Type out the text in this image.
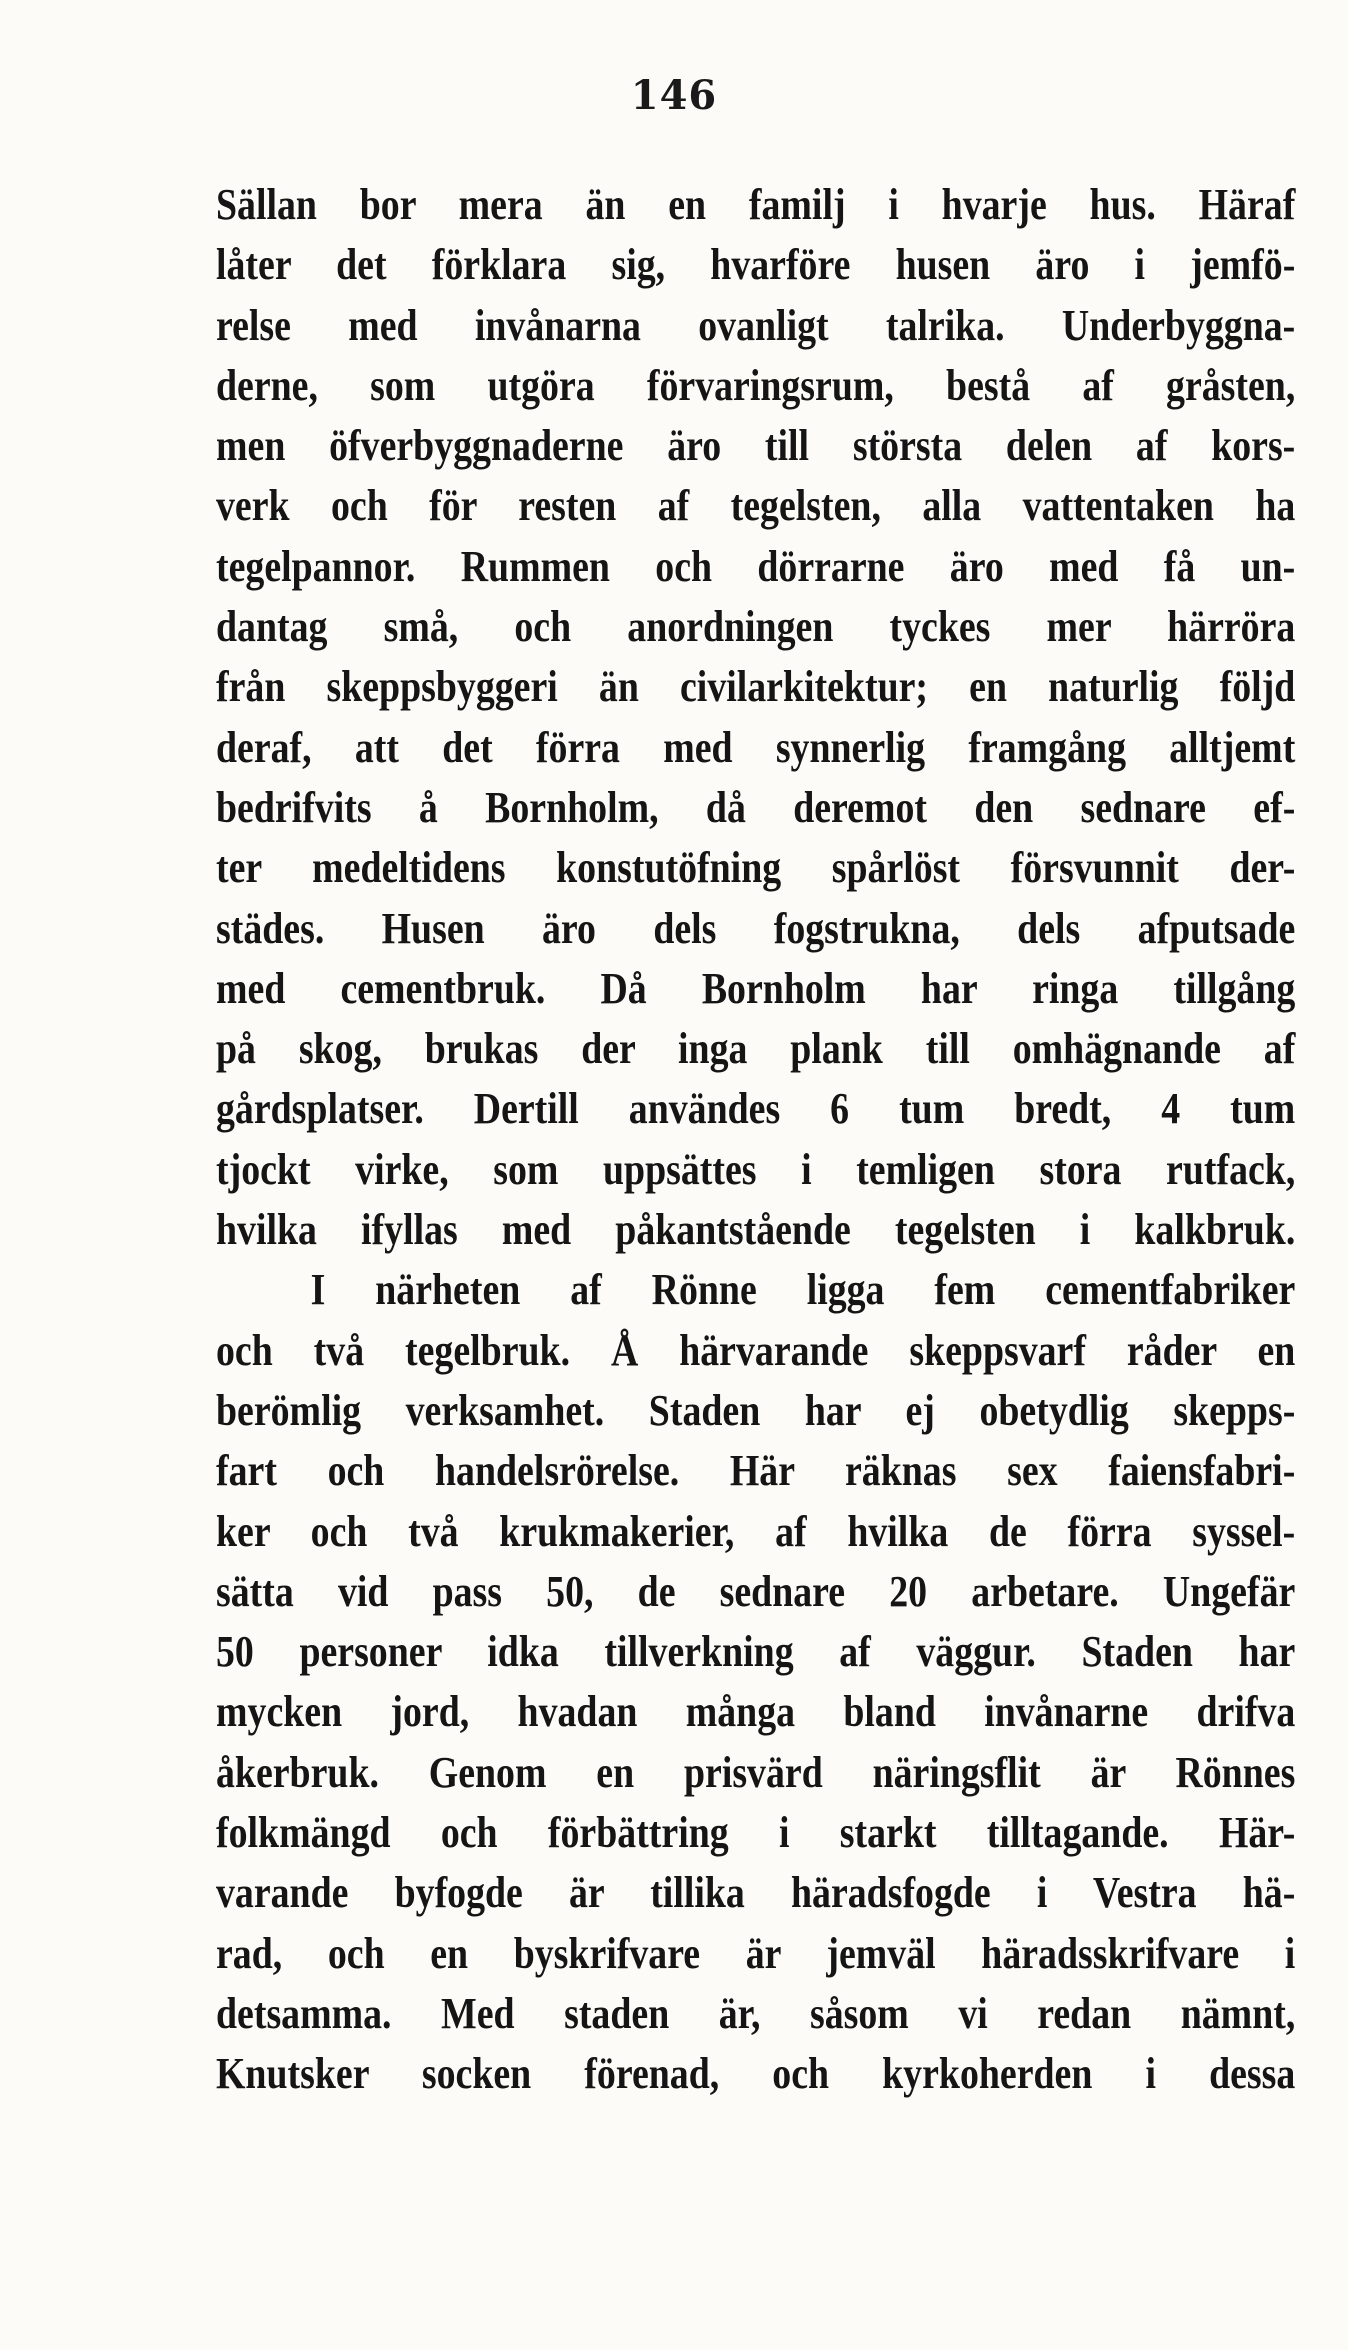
146
Sällan bor mera än en familj i hvarje hus. Häraf
låter det förklara sig, hvarföre husen äro i jemfö-
relse med invånarna ovanligt talrika. Underbyggna-
derne, som utgöra förvaringsrum, bestå af gråsten,
men öfverbyggnaderne äro till största delen af kors-
verk och för resten af tegelsten, alla vattentaken ha
tegelpannor. Rummen och dörrarne äro med få un-
dantag små, och anordningen tyckes mer härröra
från skeppsbyggeri än civilarkitektur; en naturlig följd
deraf, att det förra med synnerlig framgång alltjemt
bedrifvits å Bornholm, då deremot den sednare ef-
ter medeltidens konstutöfning spårlöst försvunnit der-
städes. Husen äro dels fogstrukna, dels afputsade
med cementbruk. Då Bornholm har ringa tillgång
på skog, brukas der inga plank till omhägnande af
gårdsplatser. Dertill användes 6 tum bredt, 4 tum
tjockt virke, som uppsättes i temligen stora rutfack,
hvilka ifyllas med påkantstående tegelsten i kalkbruk.
I närheten af Rönne ligga fem cementfabriker
och två tegelbruk. Å härvarande skeppsvarf råder en
berömlig verksamhet. Staden har ej obetydlig skepps-
fart och handelsrörelse. Här räknas sex faiensfabri-
ker och två krukmakerier, af hvilka de förra syssel-
sätta vid pass 50, de sednare 20 arbetare. Ungefär
50 personer idka tillverkning af väggur. Staden har
mycken jord, hvadan många bland invånarne drifva
åkerbruk. Genom en prisvärd näringsflit är Rönnes
folkmängd och förbättring i starkt tilltagande. Här-
varande byfogde är tillika häradsfogde i Vestra hä-
rad, och en byskrifvare är jemväl häradsskrifvare i
detsamma. Med staden är, såsom vi redan nämnt,
Knutsker socken förenad, och kyrkoherden i dessa
